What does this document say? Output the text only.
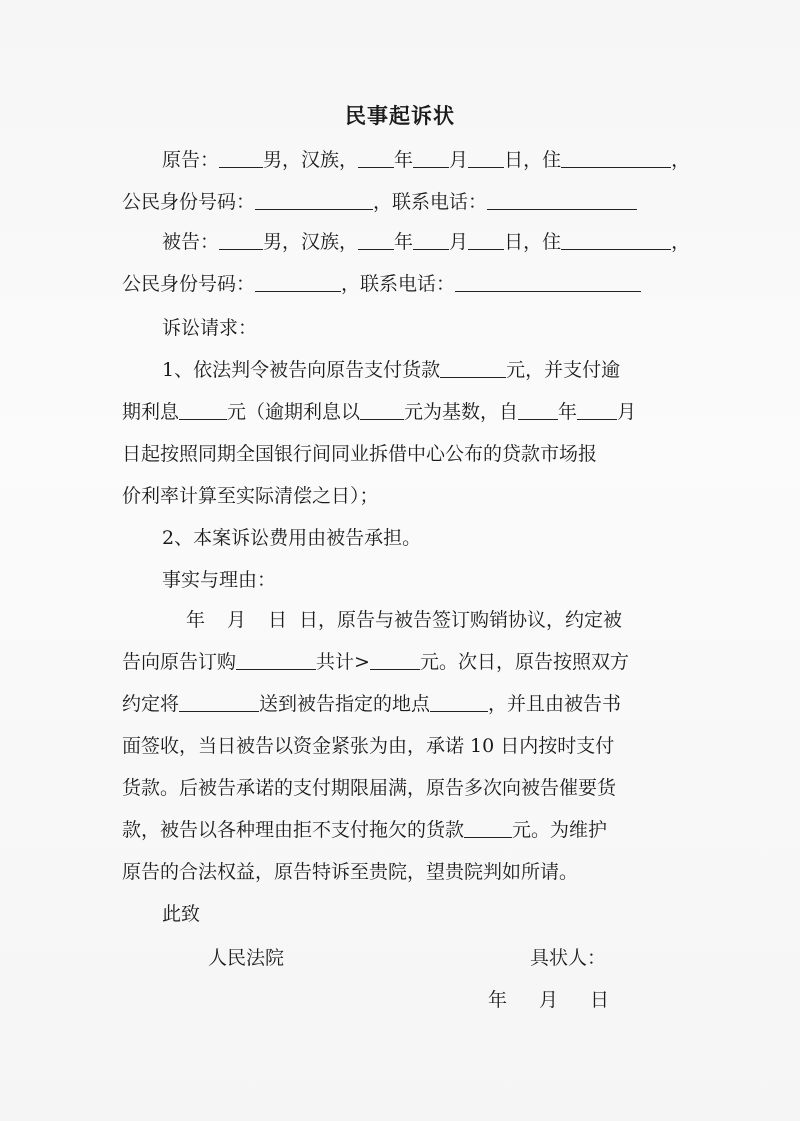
民事起诉状
原告： 男，汉族， 年 月 日，住	，
公民身份号码：	，联系电话：
被告： 男，汉族， 年 月 日，住	，
公民身份号码：	，联系电话：
诉讼请求：
1、依法判令被告向原告支付货款	元，并支付逾
期利息	元（逾期利息以 元为基数，自 年 月
日起按照同期全国银行间同业拆借中心公布的贷款市场报
价利率计算至实际清偿之日）；
2、本案诉讼费用由被告承担。
事实与理由：
年 月 日 日，原告与被告签订购销协议，约定被
告向原告订购	共计>	元。次日，原告按照双方
约定将	送到被告指定的地点	，并且由被告书
面签收，当日被告以资金紧张为由，承诺 10 日内按时支付
货款。后被告承诺的支付期限届满，原告多次向被告催要货
款，被告以各种理由拒不支付拖欠的货款	元。为维护
原告的合法权益，原告特诉至贵院，望贵院判如所请。
此致
人民法院	具状人：
年 月 日
